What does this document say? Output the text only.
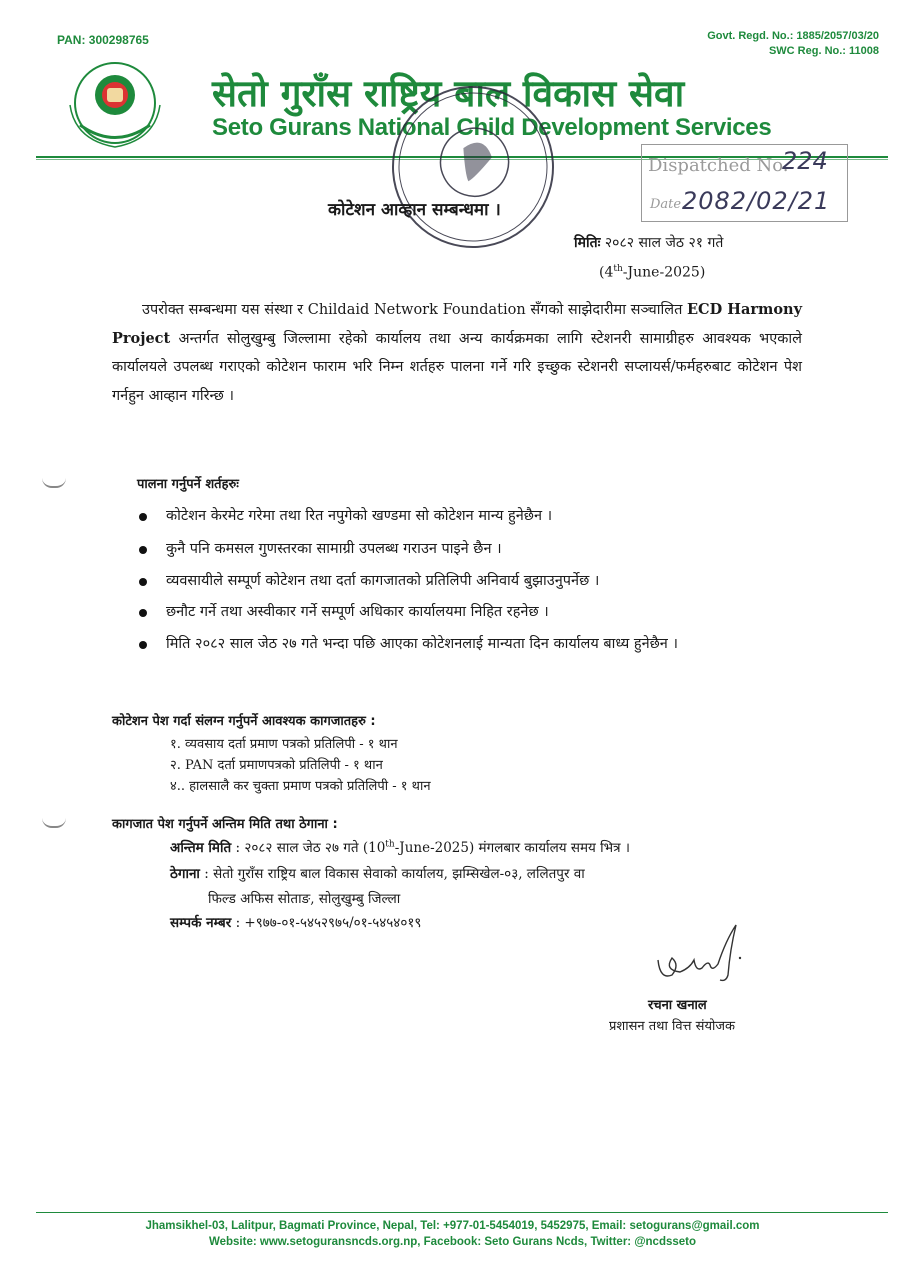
PAN: 300298765	Govt. Regd. No.: 1885/2057/03/20
SWC Reg. No.: 11008
सेतो गुराँस राष्ट्रिय बाल विकास सेवा
Seto Gurans National Child Development Services
Dispatched No.
224
Date 2082/02/21
कोटेशन आव्हान सम्बन्धमा ।
मितिः २०८२ साल जेठ २१ गते
(4th-June-2025)
उपरोक्त सम्बन्धमा यस संस्था र Childaid Network Foundation सँगको साझेदारीमा सञ्चालित ECD Harmony Project अन्तर्गत सोलुखुम्बु जिल्लामा रहेको कार्यालय तथा अन्य कार्यक्रमका लागि स्टेशनरी सामाग्रीहरु आवश्यक भएकाले कार्यालयले उपलब्ध गराएको कोटेशन फाराम भरि निम्न शर्तहरु पालना गर्ने गरि इच्छुक स्टेशनरी सप्लायर्स/फर्महरुबाट कोटेशन पेश गर्नहुन आव्हान गरिन्छ ।
पालना गर्नुपर्ने शर्तहरुः
कोटेशन केरमेट गरेमा तथा रित नपुगेको खण्डमा सो कोटेशन मान्य हुनेछैन ।
कुनै पनि कमसल गुणस्तरका सामाग्री उपलब्ध गराउन पाइने छैन ।
व्यवसायीले सम्पूर्ण कोटेशन तथा दर्ता कागजातको प्रतिलिपी अनिवार्य बुझाउनुपर्नेछ ।
छनौट गर्ने तथा अस्वीकार गर्ने सम्पूर्ण अधिकार कार्यालयमा निहित रहनेछ ।
मिति २०८२ साल जेठ २७ गते भन्दा पछि आएका कोटेशनलाई मान्यता दिन कार्यालय बाध्य हुनेछैन ।
कोटेशन पेश गर्दा संलग्न गर्नुपर्ने आवश्यक कागजातहरु :
१. व्यवसाय दर्ता प्रमाण पत्रको प्रतिलिपी - १ थान
२. PAN दर्ता प्रमाणपत्रको प्रतिलिपी - १ थान
४.. हालसालै कर चुक्ता प्रमाण पत्रको प्रतिलिपी - १ थान
कागजात पेश गर्नुपर्ने अन्तिम मिति तथा ठेगाना :
अन्तिम मिति : २०८२ साल जेठ २७ गते (10th-June-2025) मंगलबार कार्यालय समय भित्र ।
ठेगाना : सेतो गुराँस राष्ट्रिय बाल विकास सेवाको कार्यालय, झम्सिखेल-०३, ललितपुर वा
फिल्ड अफिस सोताङ, सोलुखुम्बु जिल्ला
सम्पर्क नम्बर : +९७७-०१-५४५२९७५/०१-५४५४०१९
रचना खनाल
प्रशासन तथा वित्त संयोजक
Jhamsikhel-03, Lalitpur, Bagmati Province, Nepal, Tel: +977-01-5454019, 5452975, Email: setogurans@gmail.com
Website: www.setoguransncds.org.np, Facebook: Seto Gurans Ncds, Twitter: @ncdsseto
